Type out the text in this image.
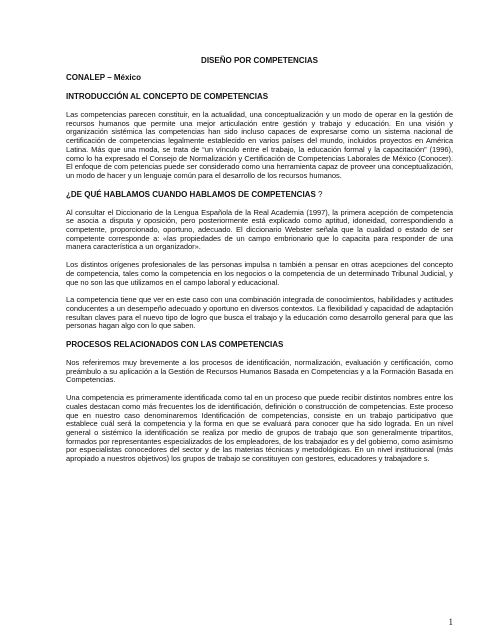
DISEÑO POR COMPETENCIAS

CONALEP – México

INTRODUCCIÓN AL CONCEPTO DE COMPETENCIAS

Las competencias parecen constituir, en la actualidad, una conceptualización y un modo de operar en la gestión de recursos humanos que permite una mejor articulación entre gestión y trabajo y educación. En una visión y organización sistémica las competencias han sido incluso capaces de expresarse como un sistema nacional de certificación de competencias legalmente establecido en varios países del mundo, incluidos proyectos en América Latina. Más que una moda, se trata de “un vínculo entre el trabajo, la educación formal y la capacitación” (1996), como lo ha expresado el Consejo de Normalización y Certificación de Competencias Laborales de México (Conocer). El enfoque de com petencias puede ser considerado como una herramienta capaz de proveer una conceptualización, un modo de hacer y un lenguaje común para el desarrollo de los recursos humanos.

¿DE QUÉ HABLAMOS CUANDO HABLAMOS DE COMPETENCIAS ?

Al consultar el Diccionario de la Lengua Española de la Real Academia (1997), la primera acepción de competencia se asocia a disputa y oposición, pero posteriormente está explicado como aptitud, idoneidad, correspondiendo a competente, proporcionado, oportuno, adecuado. El diccionario Webster señala que la cualidad o estado de ser competente corresponde a: «las propiedades de un campo embrionario que lo capacita para responder de una manera característica a un organizador».

Los distintos orígenes profesionales de las personas impulsa n también a pensar en otras acepciones del concepto de competencia, tales como la competencia en los negocios o la competencia de un determinado Tribunal Judicial, y que no son las que utilizamos en el campo laboral y educacional.

La competencia tiene que ver en este caso con una combinación integrada de conocimientos, habilidades y actitudes conducentes a un desempeño adecuado y oportuno en diversos contextos. La flexibilidad y capacidad de adaptación resultan claves para el nuevo tipo de logro que busca el trabajo y la educación como desarrollo general para que las personas hagan algo con lo que saben.

PROCESOS RELACIONADOS CON LAS COMPETENCIAS

Nos referiremos muy brevemente a los procesos de identificación, normalización, evaluación y certificación, como preámbulo a su aplicación a la Gestión de Recursos Humanos Basada en Competencias y a la Formación Basada en Competencias.

Una competencia es primeramente identificada como tal en un proceso que puede recibir distintos nombres entre los cuales destacan como más frecuentes los de identificación, definición o construcción de competencias. Este proceso que en nuestro caso denominaremos Identificación de competencias, consiste en un trabajo participativo que establece cuál será la competencia y la forma en que se evaluará para conocer que ha sido lograda. En un nivel general o sistémico la identificación se realiza por medio de grupos de trabajo que son generalmente tripartitos, formados por representantes especializados de los empleadores, de los trabajador es y del gobierno, como asimismo por especialistas conocedores del sector y de las materias técnicas y metodológicas. En un nivel institucional (más apropiado a nuestros objetivos) los grupos de trabajo se constituyen con gestores, educadores y trabajadore s.

1
